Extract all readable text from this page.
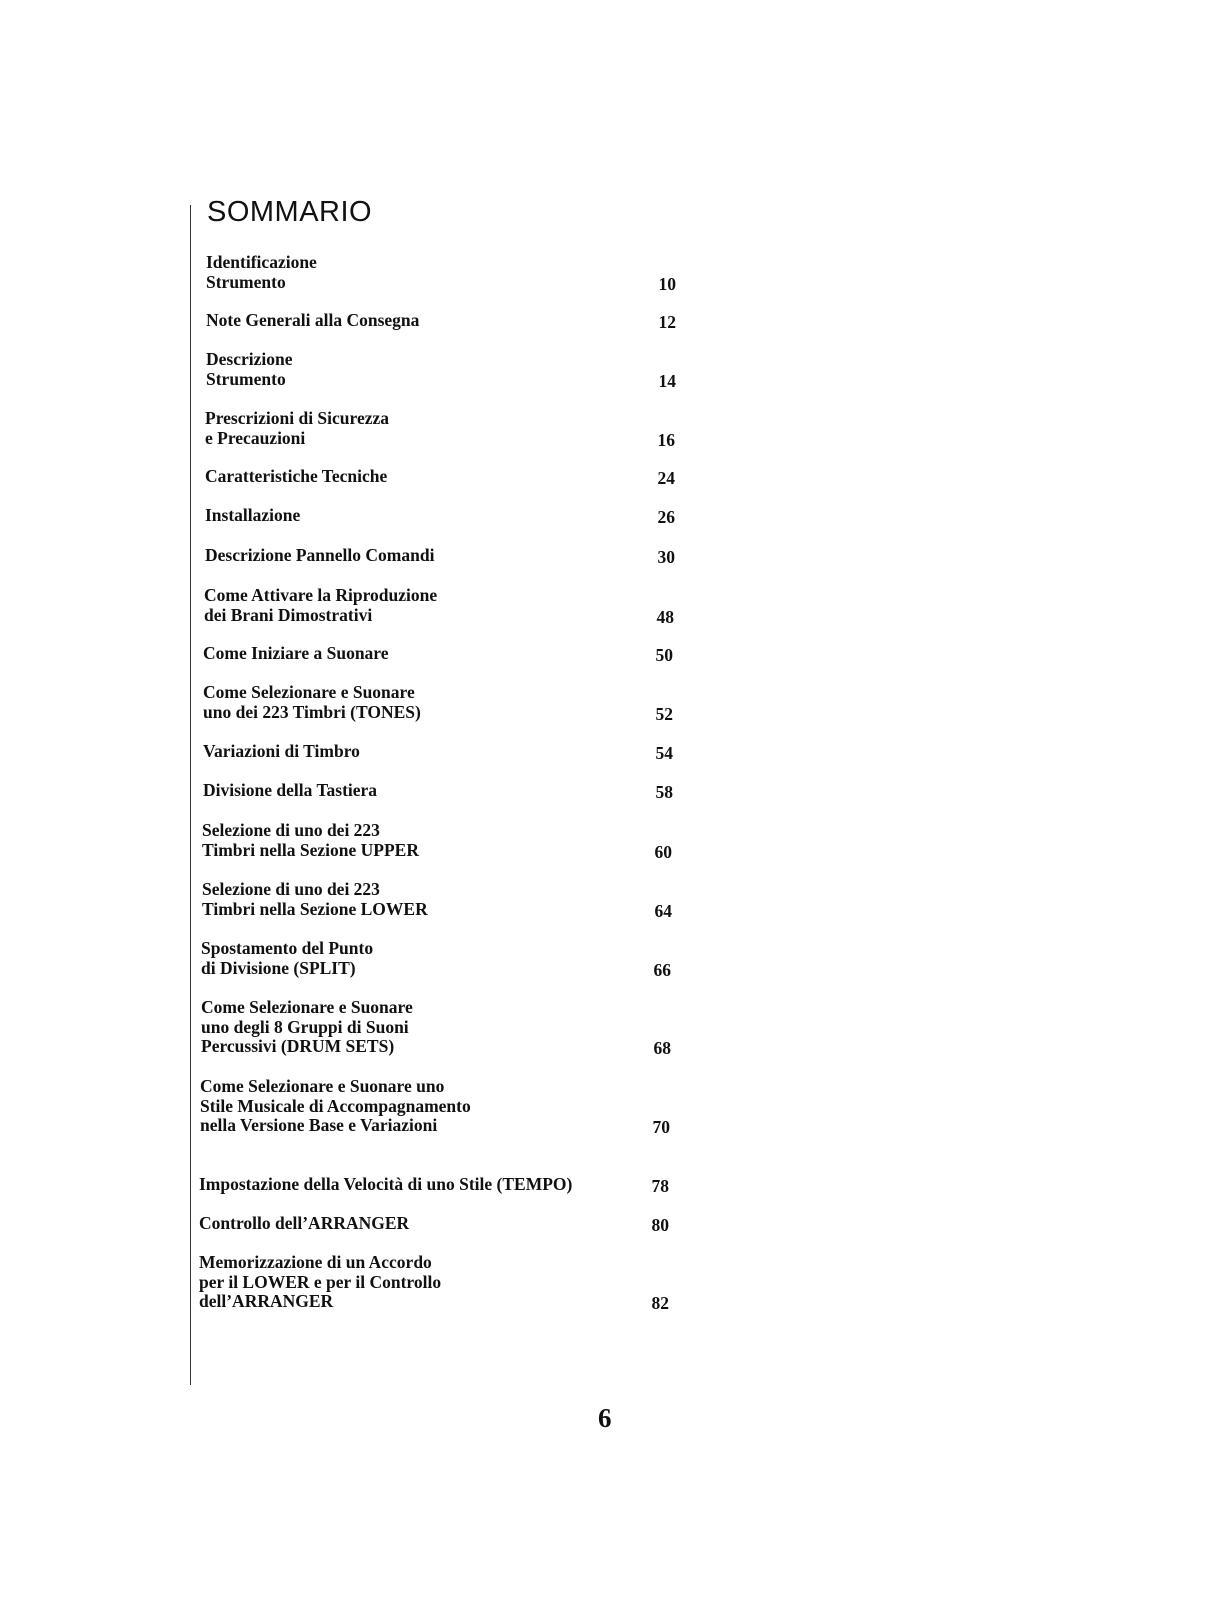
SOMMARIO
Identificazione
Strumento	10
Note Generali alla Consegna	12
Descrizione
Strumento	14
Prescrizioni di Sicurezza
e Precauzioni	16
Caratteristiche Tecniche	24
Installazione	26
Descrizione Pannello Comandi	30
Come Attivare la Riproduzione
dei Brani Dimostrativi	48
Come Iniziare a Suonare	50
Come Selezionare e Suonare
uno dei 223 Timbri (TONES)	52
Variazioni di Timbro	54
Divisione della Tastiera	58
Selezione di uno dei 223
Timbri nella Sezione UPPER	60
Selezione di uno dei 223
Timbri nella Sezione LOWER	64
Spostamento del Punto
di Divisione (SPLIT)	66
Come Selezionare e Suonare
uno degli 8 Gruppi di Suoni
Percussivi (DRUM SETS)	68
Come Selezionare e Suonare uno
Stile Musicale di Accompagnamento
nella Versione Base e Variazioni	70
Impostazione della Velocità di uno Stile (TEMPO)	78
Controllo dell’ARRANGER	80
Memorizzazione di un Accordo
per il LOWER e per il Controllo
dell’ARRANGER	82
6
